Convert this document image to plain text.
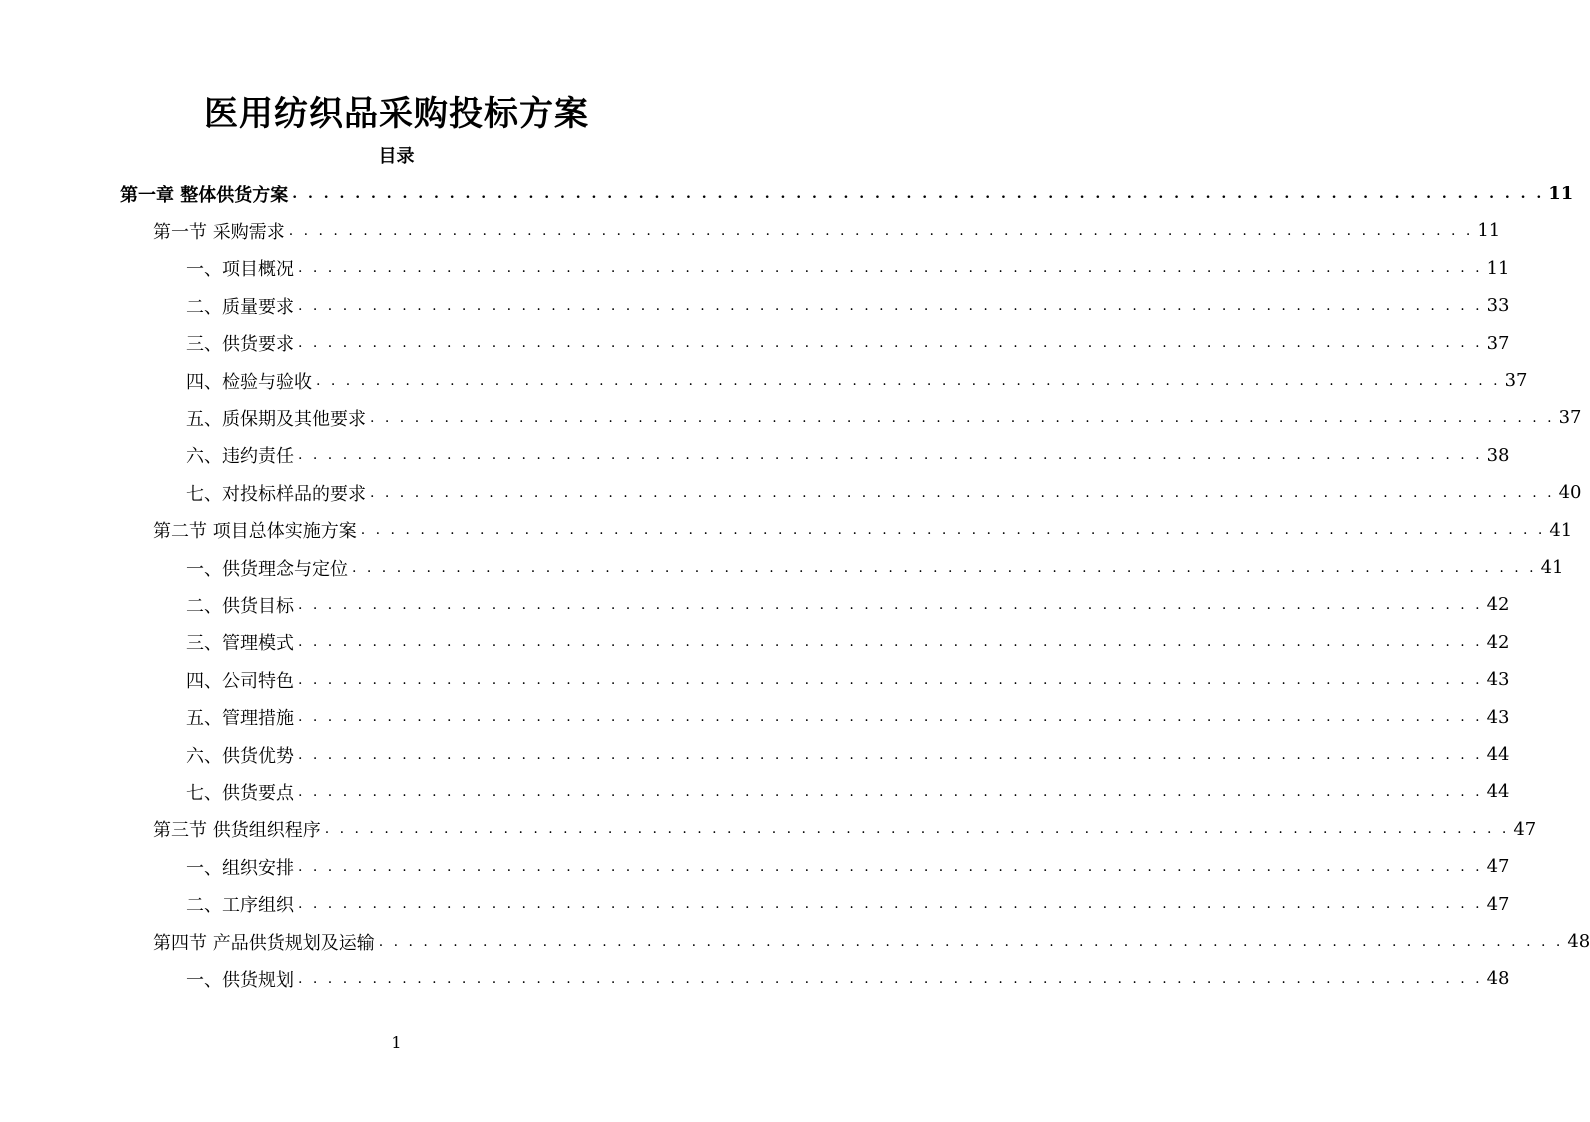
医用纺织品采购投标方案
目录
第一章 整体供货方案 . . . . . . . . . . . . . . . . . . . . . . . . . . . . . . . . . . . . . . . . . . . . . . . . . . . . . . . . . . . . . . . . . . . . . . . . . . . . . . . . 11
第一节 采购需求 . . . . . . . . . . . . . . . . . . . . . . . . . . . . . . . . . . . . . . . . . . . . . . . . . . . . . . . . . . . . . . . . . . . . . . . . . . . . . . . . 11
一、项目概况 . . . . . . . . . . . . . . . . . . . . . . . . . . . . . . . . . . . . . . . . . . . . . . . . . . . . . . . . . . . . . . . . . . . . . . . . . . . . . . . . 11
二、质量要求 . . . . . . . . . . . . . . . . . . . . . . . . . . . . . . . . . . . . . . . . . . . . . . . . . . . . . . . . . . . . . . . . . . . . . . . . . . . . . . . . 33
三、供货要求 . . . . . . . . . . . . . . . . . . . . . . . . . . . . . . . . . . . . . . . . . . . . . . . . . . . . . . . . . . . . . . . . . . . . . . . . . . . . . . . . 37
四、检验与验收 . . . . . . . . . . . . . . . . . . . . . . . . . . . . . . . . . . . . . . . . . . . . . . . . . . . . . . . . . . . . . . . . . . . . . . . . . . . . . . . . 37
五、质保期及其他要求 . . . . . . . . . . . . . . . . . . . . . . . . . . . . . . . . . . . . . . . . . . . . . . . . . . . . . . . . . . . . . . . . . . . . . . . . . . . . . . . . 37
六、违约责任 . . . . . . . . . . . . . . . . . . . . . . . . . . . . . . . . . . . . . . . . . . . . . . . . . . . . . . . . . . . . . . . . . . . . . . . . . . . . . . . . 38
七、对投标样品的要求 . . . . . . . . . . . . . . . . . . . . . . . . . . . . . . . . . . . . . . . . . . . . . . . . . . . . . . . . . . . . . . . . . . . . . . . . . . . . . . . . 40
第二节 项目总体实施方案 . . . . . . . . . . . . . . . . . . . . . . . . . . . . . . . . . . . . . . . . . . . . . . . . . . . . . . . . . . . . . . . . . . . . . . . . . . . . . . . . 41
一、供货理念与定位 . . . . . . . . . . . . . . . . . . . . . . . . . . . . . . . . . . . . . . . . . . . . . . . . . . . . . . . . . . . . . . . . . . . . . . . . . . . . . . . . 41
二、供货目标 . . . . . . . . . . . . . . . . . . . . . . . . . . . . . . . . . . . . . . . . . . . . . . . . . . . . . . . . . . . . . . . . . . . . . . . . . . . . . . . . 42
三、管理模式 . . . . . . . . . . . . . . . . . . . . . . . . . . . . . . . . . . . . . . . . . . . . . . . . . . . . . . . . . . . . . . . . . . . . . . . . . . . . . . . . 42
四、公司特色 . . . . . . . . . . . . . . . . . . . . . . . . . . . . . . . . . . . . . . . . . . . . . . . . . . . . . . . . . . . . . . . . . . . . . . . . . . . . . . . . 43
五、管理措施 . . . . . . . . . . . . . . . . . . . . . . . . . . . . . . . . . . . . . . . . . . . . . . . . . . . . . . . . . . . . . . . . . . . . . . . . . . . . . . . . 43
六、供货优势 . . . . . . . . . . . . . . . . . . . . . . . . . . . . . . . . . . . . . . . . . . . . . . . . . . . . . . . . . . . . . . . . . . . . . . . . . . . . . . . . 44
七、供货要点 . . . . . . . . . . . . . . . . . . . . . . . . . . . . . . . . . . . . . . . . . . . . . . . . . . . . . . . . . . . . . . . . . . . . . . . . . . . . . . . . 44
第三节 供货组织程序 . . . . . . . . . . . . . . . . . . . . . . . . . . . . . . . . . . . . . . . . . . . . . . . . . . . . . . . . . . . . . . . . . . . . . . . . . . . . . . . . 47
一、组织安排 . . . . . . . . . . . . . . . . . . . . . . . . . . . . . . . . . . . . . . . . . . . . . . . . . . . . . . . . . . . . . . . . . . . . . . . . . . . . . . . . 47
二、工序组织 . . . . . . . . . . . . . . . . . . . . . . . . . . . . . . . . . . . . . . . . . . . . . . . . . . . . . . . . . . . . . . . . . . . . . . . . . . . . . . . . 47
第四节 产品供货规划及运输 . . . . . . . . . . . . . . . . . . . . . . . . . . . . . . . . . . . . . . . . . . . . . . . . . . . . . . . . . . . . . . . . . . . . . . . . . . . . . . . . 48
一、供货规划 . . . . . . . . . . . . . . . . . . . . . . . . . . . . . . . . . . . . . . . . . . . . . . . . . . . . . . . . . . . . . . . . . . . . . . . . . . . . . . . . 48
1
